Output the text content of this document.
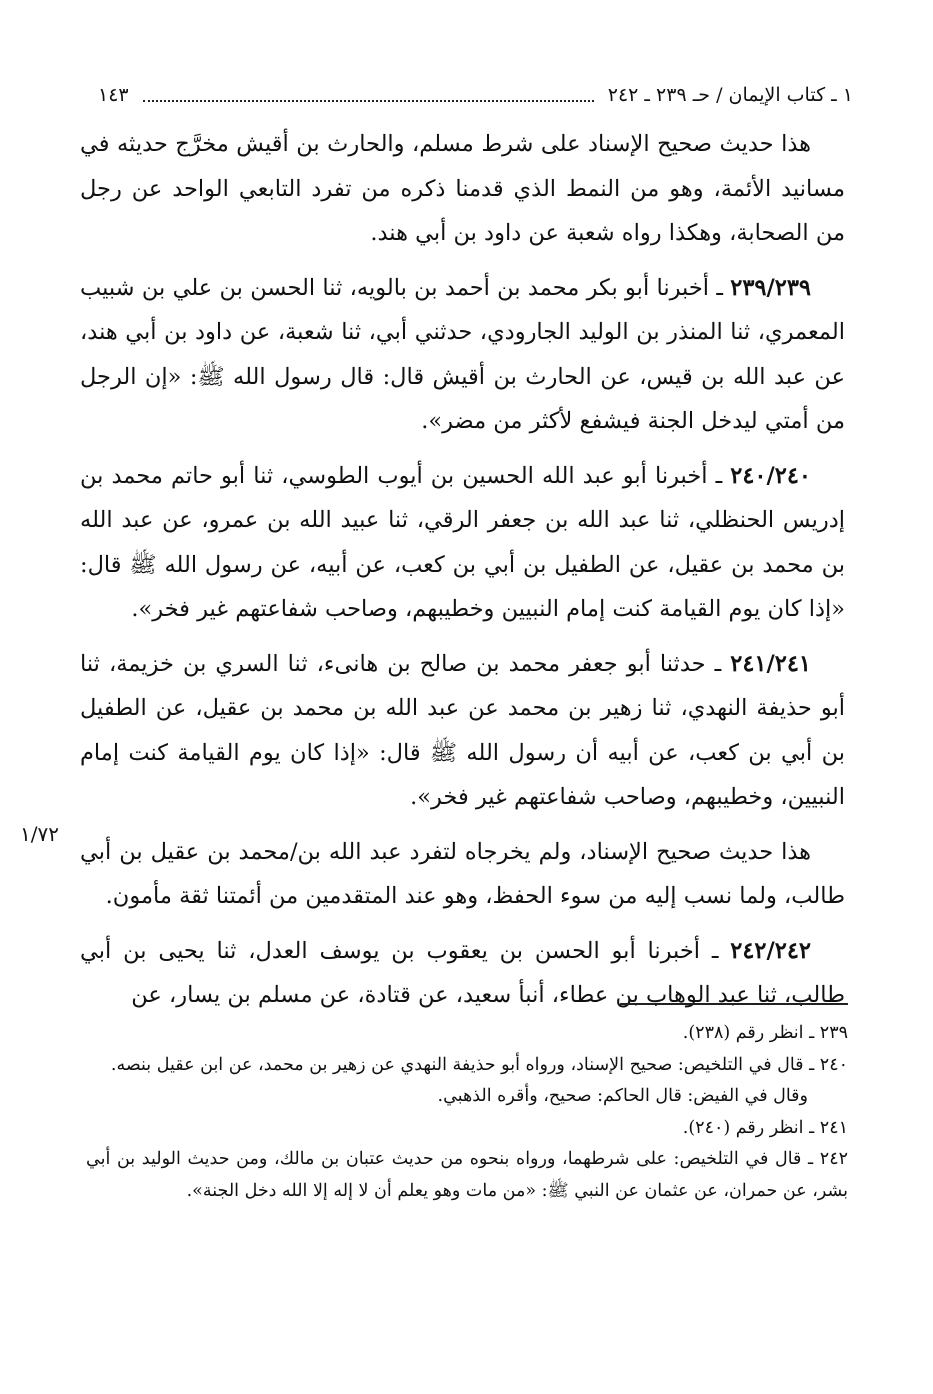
١ ـ كتاب الإيمان / حـ ٢٣٩ ـ ٢٤٢
١٤٣
١/٧٢

هذا حديث صحيح الإسناد على شرط مسلم، والحارث بن أقيش مخرَّج حديثه في مسانيد الأئمة، وهو من النمط الذي قدمنا ذكره من تفرد التابعي الواحد عن رجل من الصحابة، وهكذا رواه شعبة عن داود بن أبي هند.

٢٣٩/٢٣٩ ـ أخبرنا أبو بكر محمد بن أحمد بن بالويه، ثنا الحسن بن علي بن شبيب المعمري، ثنا المنذر بن الوليد الجارودي، حدثني أبي، ثنا شعبة، عن داود بن أبي هند، عن عبد الله بن قيس، عن الحارث بن أقيش قال: قال رسول الله ﷺ: «إن الرجل من أمتي ليدخل الجنة فيشفع لأكثر من مضر».

٢٤٠/٢٤٠ ـ أخبرنا أبو عبد الله الحسين بن أيوب الطوسي، ثنا أبو حاتم محمد بن إدريس الحنظلي، ثنا عبد الله بن جعفر الرقي، ثنا عبيد الله بن عمرو، عن عبد الله بن محمد بن عقيل، عن الطفيل بن أبي بن كعب، عن أبيه، عن رسول الله ﷺ قال: «إذا كان يوم القيامة كنت إمام النبيين وخطيبهم، وصاحب شفاعتهم غير فخر».

٢٤١/٢٤١ ـ حدثنا أبو جعفر محمد بن صالح بن هانىء، ثنا السري بن خزيمة، ثنا أبو حذيفة النهدي، ثنا زهير بن محمد عن عبد الله بن محمد بن عقيل، عن الطفيل بن أبي بن كعب، عن أبيه أن رسول الله ﷺ قال: «إذا كان يوم القيامة كنت إمام النبيين، وخطيبهم، وصاحب شفاعتهم غير فخر».

هذا حديث صحيح الإسناد، ولم يخرجاه لتفرد عبد الله بن/محمد بن عقيل بن أبي طالب، ولما نسب إليه من سوء الحفظ، وهو عند المتقدمين من أئمتنا ثقة مأمون.

٢٤٢/٢٤٢ ـ أخبرنا أبو الحسن بن يعقوب بن يوسف العدل، ثنا يحيى بن أبي طالب، ثنا عبد الوهاب بن عطاء، أنبأ سعيد، عن قتادة، عن مسلم بن يسار، عن

٢٣٩ ـ انظر رقم (٢٣٨).

٢٤٠ ـ قال في التلخيص: صحيح الإسناد، ورواه أبو حذيفة النهدي عن زهير بن محمد، عن ابن عقيل بنصه.

وقال في الفيض: قال الحاكم: صحيح، وأقره الذهبي.

٢٤١ ـ انظر رقم (٢٤٠).

٢٤٢ ـ قال في التلخيص: على شرطهما، ورواه بنحوه من حديث عتبان بن مالك، ومن حديث الوليد بن أبي بشر، عن حمران، عن عثمان عن النبي ﷺ: «من مات وهو يعلم أن لا إله إلا الله دخل الجنة».
